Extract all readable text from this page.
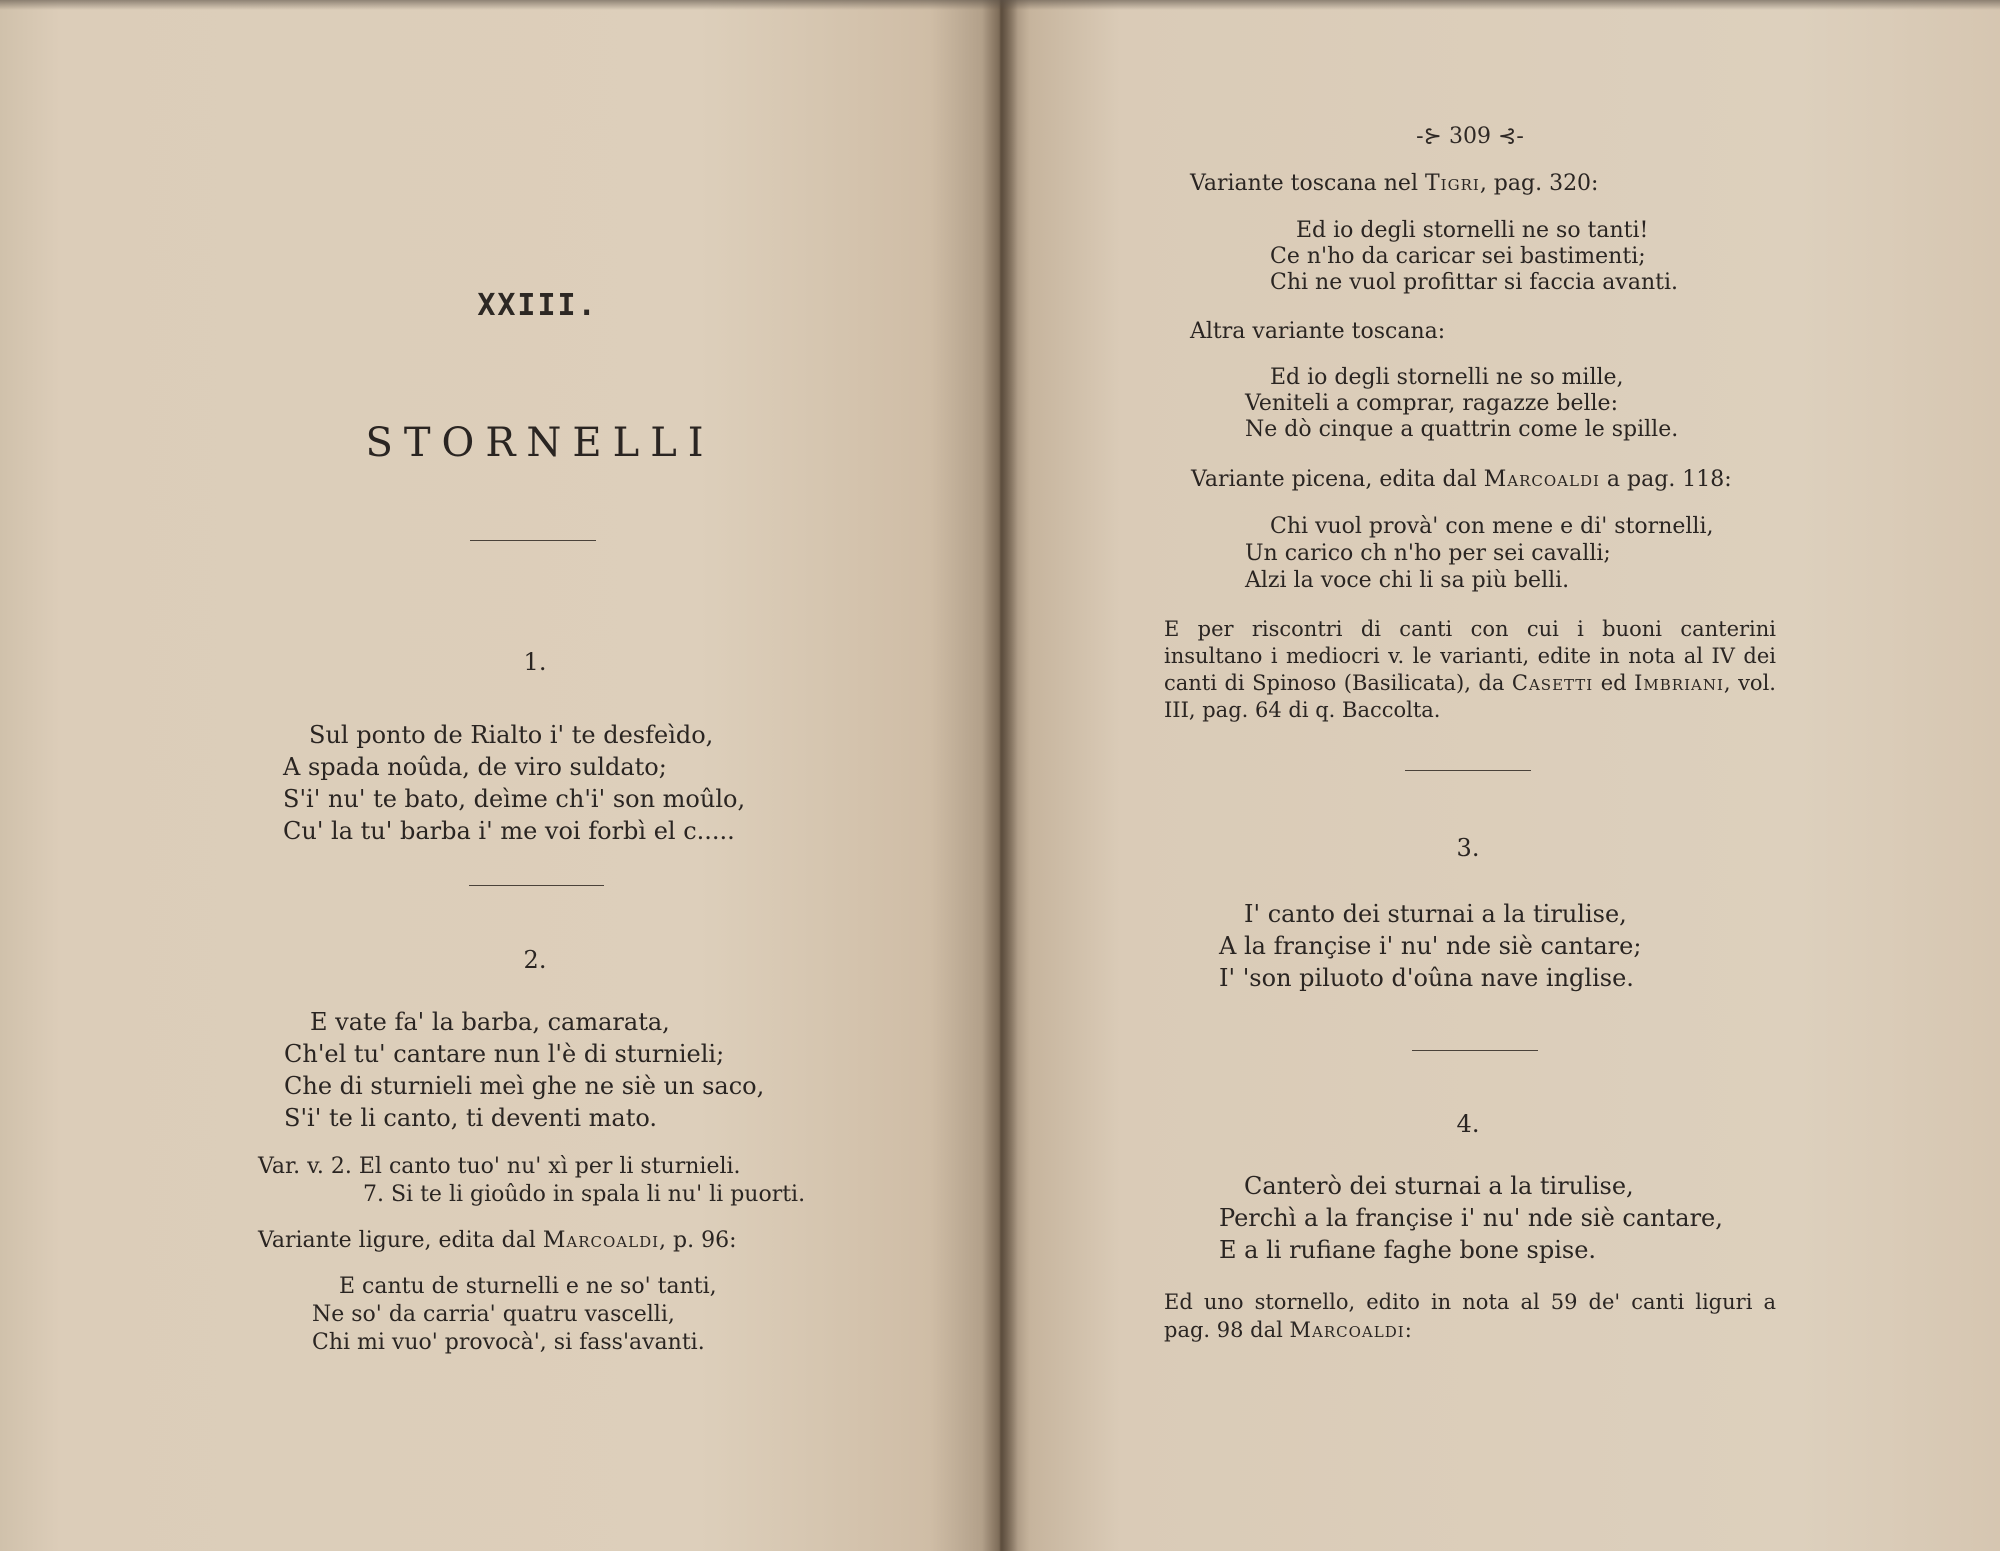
XXIII.
STORNELLI
1.
Sul ponto de Rialto i' te desfeìdo,
A spada noûda, de viro suldato;
S'i' nu' te bato, deìme ch'i' son moûlo,
Cu' la tu' barba i' me voi forbì el c.....
2.
E vate fa' la barba, camarata,
Ch'el tu' cantare nun l'è di sturnieli;
Che di sturnieli meì ghe ne siè un saco,
S'i' te li canto, ti deventi mato.
Var. v. 2. El canto tuo' nu' xì per li sturnieli.
7. Si te li gioûdo in spala li nu' li puorti.
Variante ligure, edita dal Marcoaldi, p. 96:
E cantu de sturnelli e ne so' tanti,
Ne so' da carria' quatru vascelli,
Chi mi vuo' provocà', si fass'avanti.
-⊱ 309 ⊰-
Variante toscana nel Tigri, pag. 320:
Ed io degli stornelli ne so tanti!
Ce n'ho da caricar sei bastimenti;
Chi ne vuol profittar si faccia avanti.
Altra variante toscana:
Ed io degli stornelli ne so mille,
Veniteli a comprar, ragazze belle:
Ne dò cinque a quattrin come le spille.
Variante picena, edita dal Marcoaldi a pag. 118:
Chi vuol provà' con mene e di' stornelli,
Un carico ch n'ho per sei cavalli;
Alzi la voce chi li sa più belli.
E per riscontri di canti con cui i buoni canterini insultano i mediocri v. le varianti, edite in nota al IV dei canti di Spinoso (Basilicata), da Casetti ed Imbriani, vol. III, pag. 64 di q. Baccolta.
3.
I' canto dei sturnai a la tirulise,
A la françise i' nu' nde siè cantare;
I' 'son piluoto d'oûna nave inglise.
4.
Canterò dei sturnai a la tirulise,
Perchì a la françise i' nu' nde siè cantare,
E a li rufiane faghe bone spise.
Ed uno stornello, edito in nota al 59 de' canti liguri a pag. 98 dal Marcoaldi:
